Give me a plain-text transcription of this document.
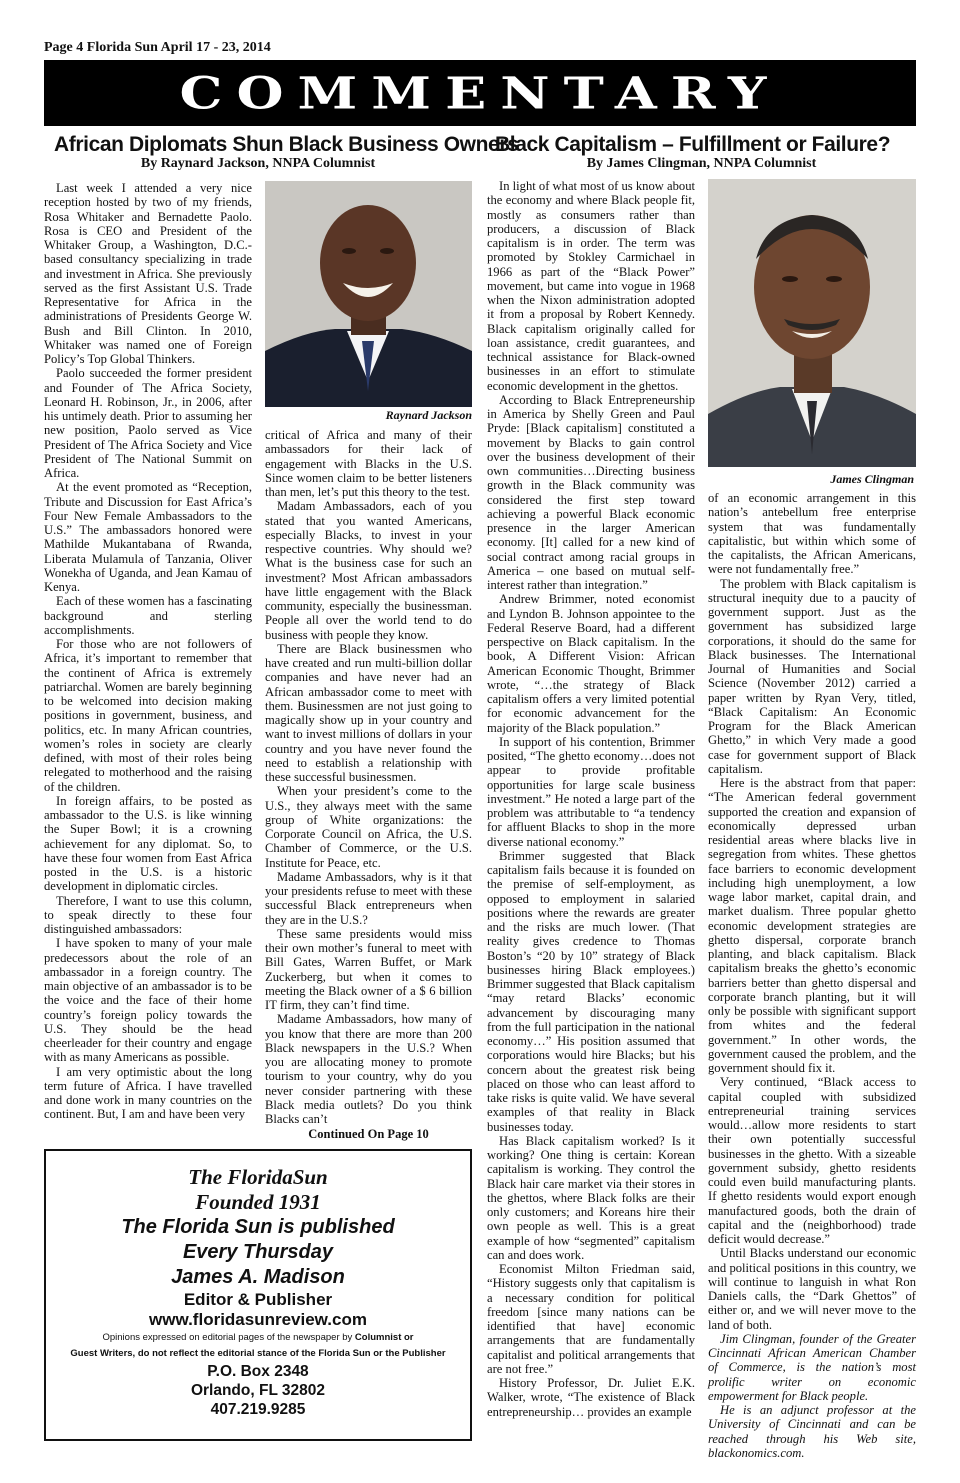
Page 4 Florida Sun April 17 - 23, 2014
COMMENTARY
African Diplomats Shun Black Business Owners
By Raynard Jackson, NNPA Columnist

Last week I attended a very nice reception hosted by two of my friends, Rosa Whitaker and Bernadette Paolo. Rosa is CEO and President of the Whitaker Group, a Washington, D.C.- based consultancy specializing in trade and investment in Africa. She previously served as the first Assistant U.S. Trade Representative for Africa in the administrations of Presidents George W. Bush and Bill Clinton. In 2010, Whitaker was named one of Foreign Policy’s Top Global Thinkers.

Paolo succeeded the former president and Founder of The Africa Society, Leonard H. Robinson, Jr., in 2006, after his untimely death. Prior to assuming her new position, Paolo served as Vice President of The Africa Society and Vice President of The National Summit on Africa.

At the event promoted as “Reception, Tribute and Discussion for East Africa’s Four New Female Ambassadors to the U.S.” The ambassadors honored were Mathilde Mukantabana of Rwanda, Liberata Mulamula of Tanzania, Oliver Wonekha of Uganda, and Jean Kamau of Kenya.

Each of these women has a fascinating background and sterling accomplishments.

For those who are not followers of Africa, it’s important to remember that the continent of Africa is extremely patriarchal. Women are barely beginning to be welcomed into decision making positions in government, business, and politics, etc. In many African countries, women’s roles in society are clearly defined, with most of their roles being relegated to motherhood and the raising of the children.

In foreign affairs, to be posted as ambassador to the U.S. is like winning the Super Bowl; it is a crowning achievement for any diplomat. So, to have these four women from East Africa posted in the U.S. is a historic development in diplomatic circles.

Therefore, I want to use this column, to speak directly to these four distinguished ambassadors:

I have spoken to many of your male predecessors about the role of an ambassador in a foreign country. The main objective of an ambassador is to be the voice and the face of their home country’s foreign policy towards the U.S. They should be the head cheerleader for their country and engage with as many Americans as possible.

I am very optimistic about the long term future of Africa. I have travelled and done work in many countries on the continent. But, I am and have been very

Raynard Jackson

critical of Africa and many of their ambassadors for their lack of engagement with Blacks in the U.S. Since women claim to be better listeners than men, let’s put this theory to the test.

Madam Ambassadors, each of you stated that you wanted Americans, especially Blacks, to invest in your respective countries. Why should we? What is the business case for such an investment? Most African ambassadors have little engagement with the Black community, especially the businessman. People all over the world tend to do business with people they know.

There are Black businessmen who have created and run multi-billion dollar companies and have never had an African ambassador come to meet with them. Businessmen are not just going to magically show up in your country and want to invest millions of dollars in your country and you have never found the need to establish a relationship with these successful businessmen.

When your president’s come to the U.S., they always meet with the same group of White organizations: the Corporate Council on Africa, the U.S. Chamber of Commerce, or the U.S. Institute for Peace, etc.

Madame Ambassadors, why is it that your presidents refuse to meet with these successful Black entrepreneurs when they are in the U.S.?

These same presidents would miss their own mother’s funeral to meet with Bill Gates, Warren Buffet, or Mark Zuckerberg, but when it comes to meeting the Black owner of a $ 6 billion IT firm, they can’t find time.

Madame Ambassadors, how many of you know that there are more than 200 Black newspapers in the U.S.? When you are allocating money to promote tourism to your country, why do you never consider partnering with these Black media outlets? Do you think Blacks can’t

Continued On Page 10
The FloridaSun
Founded 1931
The Florida Sun is published
Every Thursday
James A. Madison
Editor & Publisher
www.floridasunreview.com
Opinions expressed on editorial pages of the newspaper by Columnist or
Guest Writers, do not reflect the editorial stance of the Florida Sun or the Publisher
P.O. Box 2348
Orlando, FL 32802
407.219.9285
Black Capitalism – Fulfillment or Failure?
By James Clingman, NNPA Columnist

In light of what most of us know about the economy and where Black people fit, mostly as consumers rather than producers, a discussion of Black capitalism is in order. The term was promoted by Stokley Carmichael in 1966 as part of the “Black Power” movement, but came into vogue in 1968 when the Nixon administration adopted it from a proposal by Robert Kennedy. Black capitalism originally called for loan assistance, credit guarantees, and technical assistance for Black-owned businesses in an effort to stimulate economic development in the ghettos.

According to Black Entrepreneurship in America by Shelly Green and Paul Pryde: [Black capitalism] constituted a movement by Blacks to gain control over the business development of their own communities…Directing business growth in the Black community was considered the first step toward achieving a powerful Black economic presence in the larger American economy. [It] called for a new kind of social contract among racial groups in America – one based on mutual self-interest rather than integration.”

Andrew Brimmer, noted economist and Lyndon B. Johnson appointee to the Federal Reserve Board, had a different perspective on Black capitalism. In the book, A Different Vision: African American Economic Thought, Brimmer wrote, “…the strategy of Black capitalism offers a very limited potential for economic advancement for the majority of the Black population.”

In support of his contention, Brimmer posited, “The ghetto economy…does not appear to provide profitable opportunities for large scale business investment.” He noted a large part of the problem was attributable to “a tendency for affluent Blacks to shop in the more diverse national economy.”

Brimmer suggested that Black capitalism fails because it is founded on the premise of self-employment, as opposed to employment in salaried positions where the rewards are greater and the risks are much lower. (That reality gives credence to Thomas Boston’s “20 by 10” strategy of Black businesses hiring Black employees.) Brimmer suggested that Black capitalism “may retard Blacks’ economic advancement by discouraging many from the full participation in the national economy…” His position assumed that corporations would hire Blacks; but his concern about the greatest risk being placed on those who can least afford to take risks is quite valid. We have several examples of that reality in Black businesses today.

Has Black capitalism worked? Is it working? One thing is certain: Korean capitalism is working. They control the Black hair care market via their stores in the ghettos, where Black folks are their only customers; and Koreans hire their own people as well. This is a great example of how “segmented” capitalism can and does work.

Economist Milton Friedman said, “History suggests only that capitalism is a necessary condition for political freedom [since many nations can be identified that have] economic arrangements that are fundamentally capitalist and political arrangements that are not free.”

History Professor, Dr. Juliet E.K. Walker, wrote, “The existence of Black entrepreneurship… provides an example

James Clingman

of an economic arrangement in this nation’s antebellum free enterprise system that was fundamentally capitalistic, but within which some of the capitalists, the African Americans, were not fundamentally free.”

The problem with Black capitalism is structural inequity due to a paucity of government support. Just as the government has subsidized large corporations, it should do the same for Black businesses. The International Journal of Humanities and Social Science (November 2012) carried a paper written by Ryan Very, titled, “Black Capitalism: An Economic Program for the Black American Ghetto,” in which Very made a good case for government support of Black capitalism.

Here is the abstract from that paper: “The American federal government supported the creation and expansion of economically depressed urban residential areas where blacks live in segregation from whites. These ghettos face barriers to economic development including high unemployment, a low wage labor market, capital drain, and market dualism. Three popular ghetto economic development strategies are ghetto dispersal, corporate branch planting, and black capitalism. Black capitalism breaks the ghetto’s economic barriers better than ghetto dispersal and corporate branch planting, but it will only be possible with significant support from whites and the federal government.” In other words, the government caused the problem, and the government should fix it.

Very continued, “Black access to capital coupled with subsidized entrepreneurial training services would…allow more residents to start their own potentially successful businesses in the ghetto. With a sizeable government subsidy, ghetto residents could even build manufacturing plants. If ghetto residents would export enough manufactured goods, both the drain of capital and the (neighborhood) trade deficit would decrease.”

Until Blacks understand our economic and political positions in this country, we will continue to languish in what Ron Daniels calls, the “Dark Ghettos” of either or, and we will never move to the land of both.

Jim Clingman, founder of the Greater Cincinnati African American Chamber of Commerce, is the nation’s most prolific writer on economic empowerment for Black people.

He is an adjunct professor at the University of Cincinnati and can be reached through his Web site, blackonomics.com.
